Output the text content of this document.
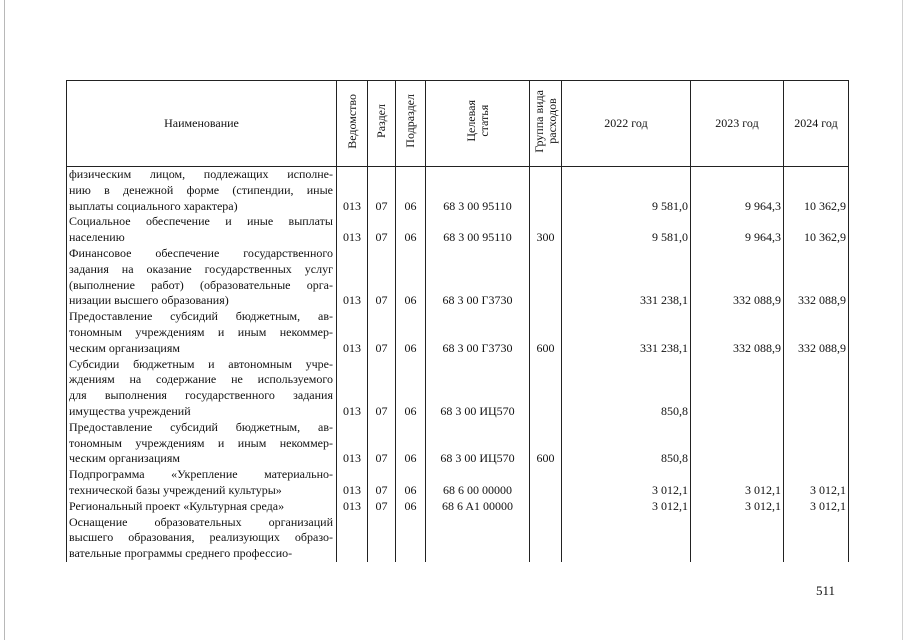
Наименование	Ведомство	Раздел	Подраздел	Целевая
статья	Группа вида
расходов	2022 год	2023 год	2024 год

физическим лицом, подлежащих исполне-
нию в денежной форме (стипендии, иные
выплаты социального характера)	013	07	06	68 3 00 95110		9 581,0	9 964,3	10 362,9

Социальное обеспечение и иные выплаты
населению	013	07	06	68 3 00 95110	300	9 581,0	9 964,3	10 362,9

Финансовое обеспечение государственного
задания на оказание государственных услуг
(выполнение работ) (образовательные орга-
низации высшего образования)	013	07	06	68 3 00 Г3730		331 238,1	332 088,9	332 088,9

Предоставление субсидий бюджетным, ав-
тономным учреждениям и иным некоммер-
ческим организациям	013	07	06	68 3 00 Г3730	600	331 238,1	332 088,9	332 088,9

Субсидии бюджетным и автономным учре-
ждениям на содержание не используемого
для выполнения государственного задания
имущества учреждений	013	07	06	68 3 00 ИЦ570		850,8		

Предоставление субсидий бюджетным, ав-
тономным учреждениям и иным некоммер-
ческим организациям	013	07	06	68 3 00 ИЦ570	600	850,8		

Подпрограмма «Укрепление материально-
технической базы учреждений культуры»	013	07	06	68 6 00 00000		3 012,1	3 012,1	3 012,1

Региональный проект «Культурная среда»	013	07	06	68 6 A1 00000		3 012,1	3 012,1	3 012,1

Оснащение образовательных организаций
высшего образования, реализующих образо-
вательные программы среднего професcио-								

511
